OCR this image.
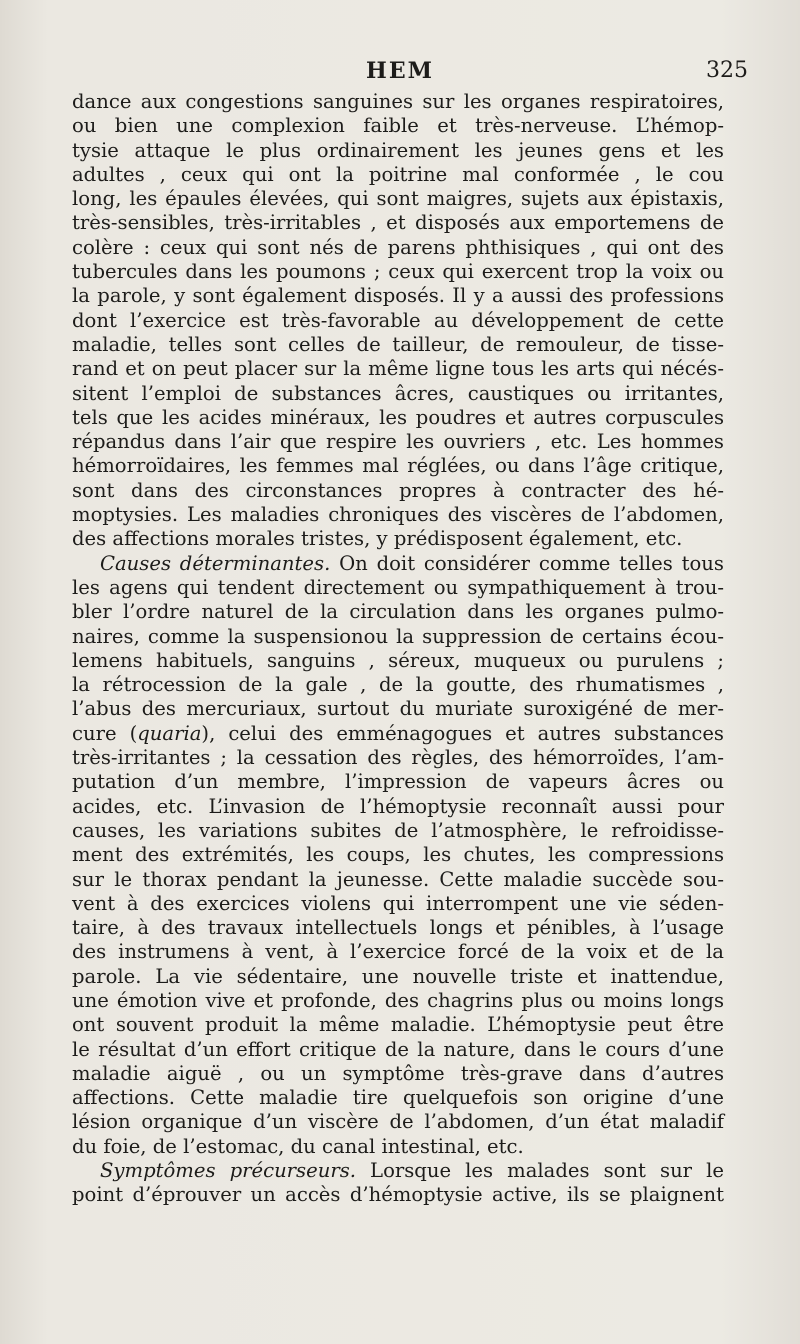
HEM	325
dance aux congestions sanguines sur les organes respiratoires,
ou bien une complexion faible et très-nerveuse. L’hémop-
tysie attaque le plus ordinairement les jeunes gens et les
adultes , ceux qui ont la poitrine mal conformée , le cou
long, les épaules élevées, qui sont maigres, sujets aux épistaxis,
très-sensibles, très-irritables , et disposés aux emportemens de
colère : ceux qui sont nés de parens phthisiques , qui ont des
tubercules dans les poumons ; ceux qui exercent trop la voix ou
la parole, y sont également disposés. Il y a aussi des professions
dont l’exercice est très-favorable au développement de cette
maladie, telles sont celles de tailleur, de remouleur, de tisse-
rand et on peut placer sur la même ligne tous les arts qui nécés-
sitent l’emploi de substances âcres, caustiques ou irritantes,
tels que les acides minéraux, les poudres et autres corpuscules
répandus dans l’air que respire les ouvriers , etc. Les hommes
hémorroïdaires, les femmes mal réglées, ou dans l’âge critique,
sont dans des circonstances propres à contracter des hé-
moptysies. Les maladies chroniques des viscères de l’abdomen,
des affections morales tristes, y prédisposent également, etc.
Causes déterminantes. On doit considérer comme telles tous
les agens qui tendent directement ou sympathiquement à trou-
bler l’ordre naturel de la circulation dans les organes pulmo-
naires, comme la suspensionou la suppression de certains écou-
lemens habituels, sanguins , séreux, muqueux ou purulens ;
la rétrocession de la gale , de la goutte, des rhumatismes ,
l’abus des mercuriaux, surtout du muriate suroxigéné de mer-
cure (quaria), celui des emménagogues et autres substances
très-irritantes ; la cessation des règles, des hémorroïdes, l’am-
putation d’un membre, l’impression de vapeurs âcres ou
acides, etc. L’invasion de l’hémoptysie reconnaît aussi pour
causes, les variations subites de l’atmosphère, le refroidisse-
ment des extrémités, les coups, les chutes, les compressions
sur le thorax pendant la jeunesse. Cette maladie succède sou-
vent à des exercices violens qui interrompent une vie séden-
taire, à des travaux intellectuels longs et pénibles, à l’usage
des instrumens à vent, à l’exercice forcé de la voix et de la
parole. La vie sédentaire, une nouvelle triste et inattendue,
une émotion vive et profonde, des chagrins plus ou moins longs
ont souvent produit la même maladie. L’hémoptysie peut être
le résultat d’un effort critique de la nature, dans le cours d’une
maladie aiguë , ou un symptôme très-grave dans d’autres
affections. Cette maladie tire quelquefois son origine d’une
lésion organique d’un viscère de l’abdomen, d’un état maladif
du foie, de l’estomac, du canal intestinal, etc.
Symptômes précurseurs. Lorsque les malades sont sur le
point d’éprouver un accès d’hémoptysie active, ils se plaignent
